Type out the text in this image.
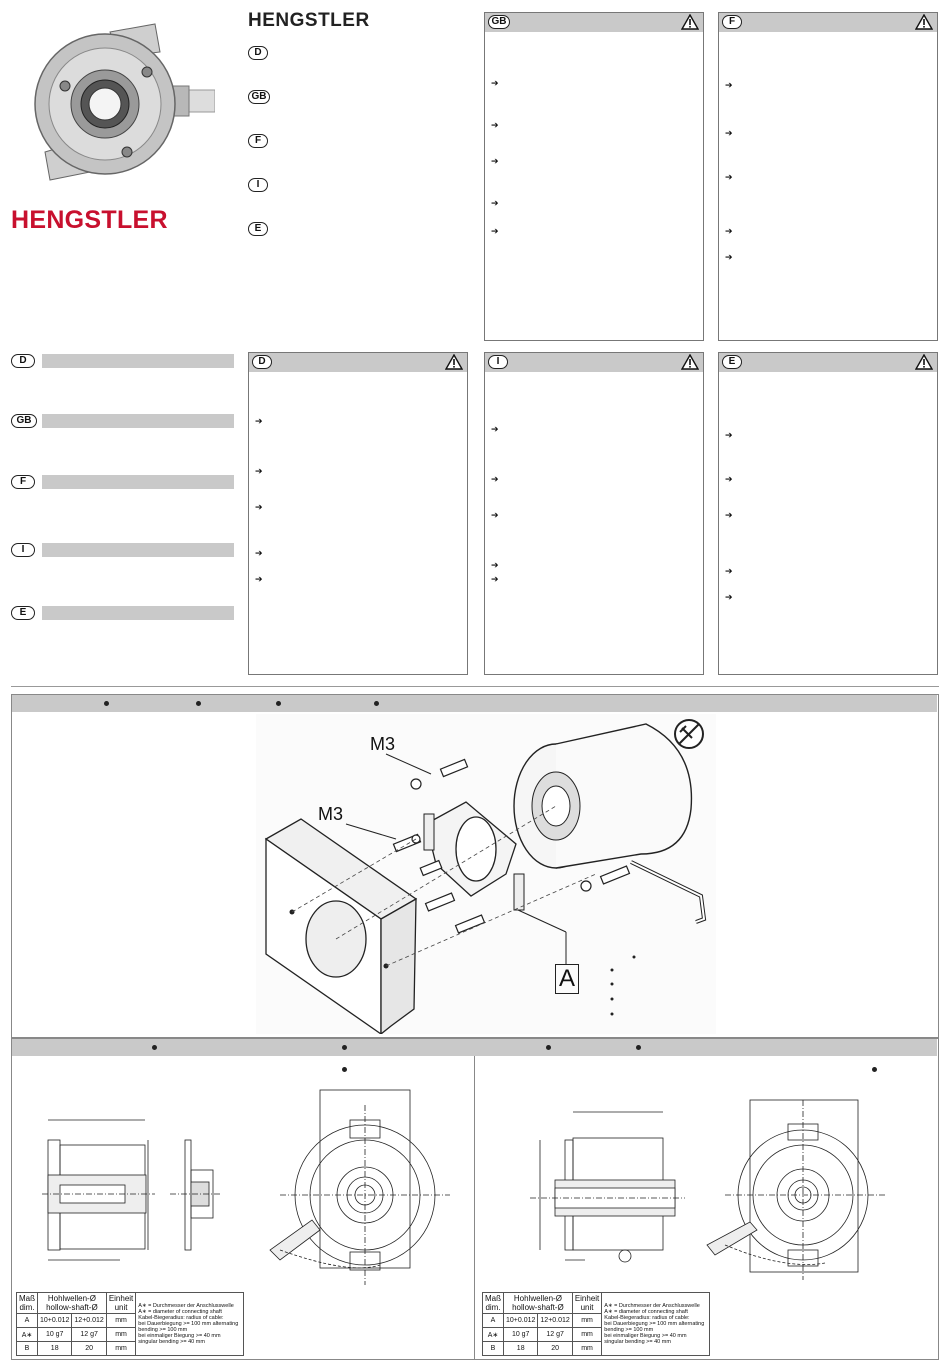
HENGSTLER
HENGSTLER
D
GB
F
I
E
GB
➔
➔
➔
➔
➔
F
➔
➔
➔
➔
➔
D
GB
F
I
E
D
➔
➔
➔
➔
➔
I
➔
➔
➔
➔
➔
E
➔
➔
➔
➔
➔
M3
M3
A
Maß dim.	Hohlwellen-Ø hollow-shaft-Ø		Einheit unit	A∗ = Durchmesser der Anschlusswelle
A∗ = diameter of connecting shaft
Kabel-Biegeradius: radius of cable:
bei Dauerbiegung >= 100 mm alternating bending >= 100 mm
bei einmaliger Biegung >= 40 mm singular bending >= 40 mm

A	10+0.012	12+0.012	mm	
A∗	10 g7	12 g7	mm	
B	18	20	mm	
Maß dim.	Hohlwellen-Ø hollow-shaft-Ø		Einheit unit	A∗ = Durchmesser der Anschlusswelle
A∗ = diameter of connecting shaft
Kabel-Biegeradius: radius of cable:
bei Dauerbiegung >= 100 mm alternating bending >= 100 mm
bei einmaliger Biegung >= 40 mm singular bending >= 40 mm

A	10+0.012	12+0.012	mm	
A∗	10 g7	12 g7	mm	
B	18	20	mm	
